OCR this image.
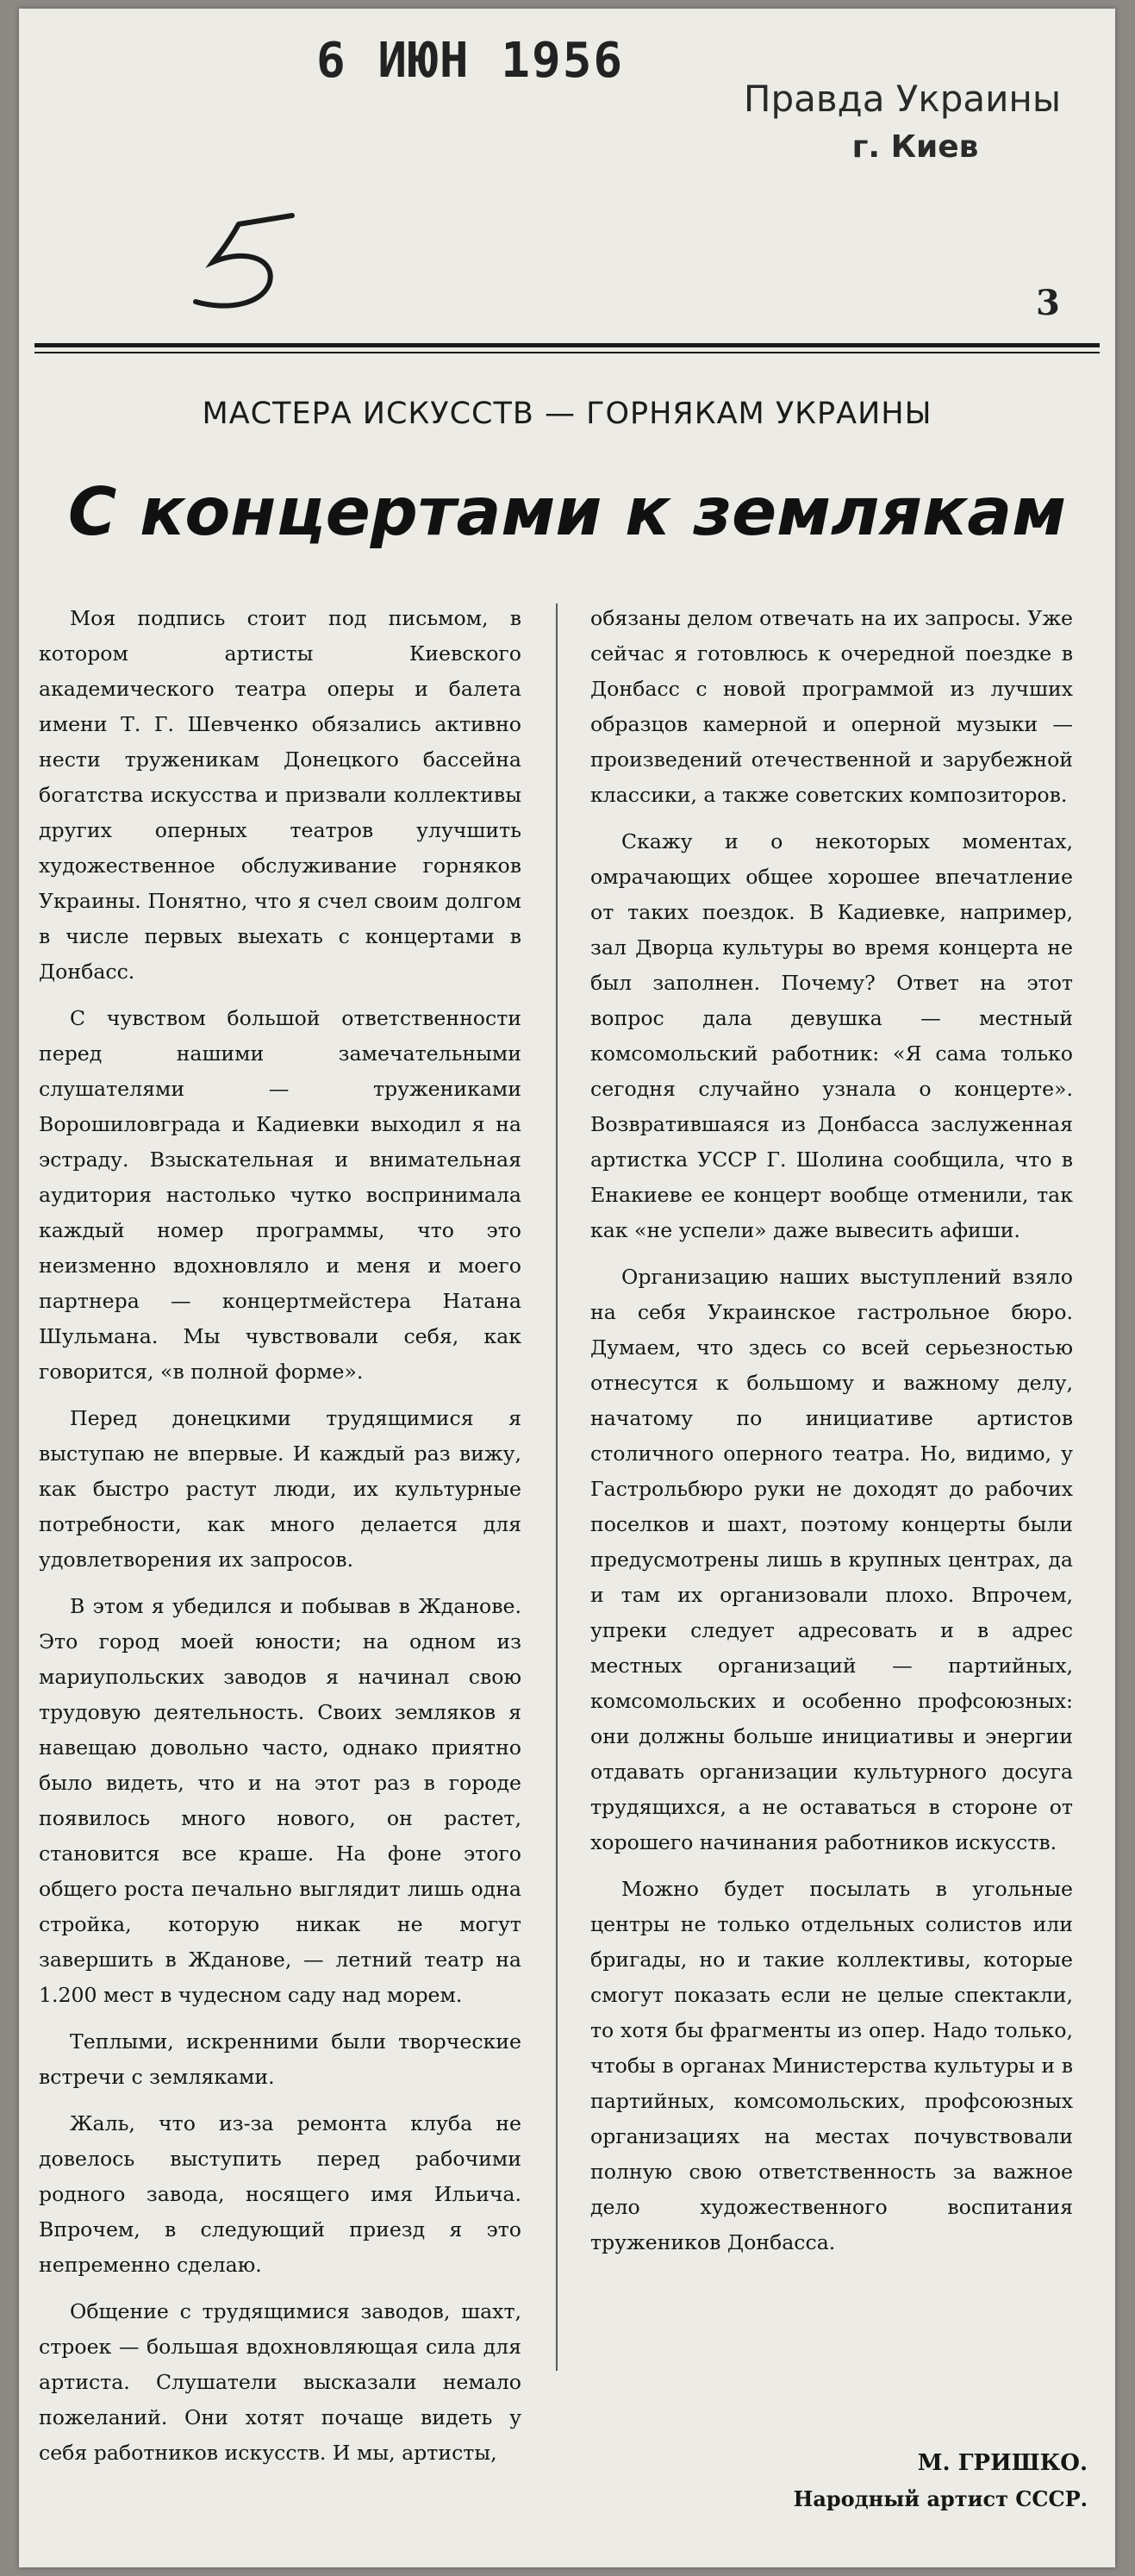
6 ИЮН 1956
Правда Украины
г. Киев
3
МАСТЕРА ИСКУССТВ — ГОРНЯКАМ УКРАИНЫ
С концертами к землякам

Моя подпись стоит под письмом, в котором артисты Киевского академического театра оперы и балета имени Т. Г. Шевченко обязались активно нести труженикам Донецкого бассейна богатства искусства и призвали коллективы других оперных театров улучшить художественное обслуживание горняков Украины. Понятно, что я счел своим долгом в числе первых выехать с концертами в Донбасс.

С чувством большой ответственности перед нашими замечательными слушателями — тружениками Ворошиловграда и Кадиевки выходил я на эстраду. Взыскательная и внимательная аудитория настолько чутко воспринимала каждый номер программы, что это неизменно вдохновляло и меня и моего партнера — концертмейстера Натана Шульмана. Мы чувствовали себя, как говорится, «в полной форме».

Перед донецкими трудящимися я выступаю не впервые. И каждый раз вижу, как быстро растут люди, их культурные потребности, как много делается для удовлетворения их запросов.

В этом я убедился и побывав в Жданове. Это город моей юности; на одном из мариупольских заводов я начинал свою трудовую деятельность. Своих земляков я навещаю довольно часто, однако приятно было видеть, что и на этот раз в городе появилось много нового, он растет, становится все краше. На фоне этого общего роста печально выглядит лишь одна стройка, которую никак не могут завершить в Жданове, — летний театр на 1.200 мест в чудесном саду над морем.

Теплыми, искренними были творческие встречи с земляками.

Жаль, что из-за ремонта клуба не довелось выступить перед рабочими родного завода, носящего имя Ильича. Впрочем, в следующий приезд я это непременно сделаю.

Общение с трудящимися заводов, шахт, строек — большая вдохновляющая сила для артиста. Слушатели высказали немало пожеланий. Они хотят почаще видеть у себя работников искусств. И мы, артисты,

обязаны делом отвечать на их запросы. Уже сейчас я готовлюсь к очередной поездке в Донбасс с новой программой из лучших образцов камерной и оперной музыки — произведений отечественной и зарубежной классики, а также советских композиторов.

Скажу и о некоторых моментах, омрачающих общее хорошее впечатление от таких поездок. В Кадиевке, например, зал Дворца культуры во время концерта не был заполнен. Почему? Ответ на этот вопрос дала девушка — местный комсомольский работник: «Я сама только сегодня случайно узнала о концерте». Возвратившаяся из Донбасса заслуженная артистка УССР Г. Шолина сообщила, что в Енакиеве ее концерт вообще отменили, так как «не успели» даже вывесить афиши.

Организацию наших выступлений взяло на себя Украинское гастрольное бюро. Думаем, что здесь со всей серьезностью отнесутся к большому и важному делу, начатому по инициативе артистов столичного оперного театра. Но, видимо, у Гастрольбюро руки не доходят до рабочих поселков и шахт, поэтому концерты были предусмотрены лишь в крупных центрах, да и там их организовали плохо. Впрочем, упреки следует адресовать и в адрес местных организаций — партийных, комсомольских и особенно профсоюзных: они должны больше инициативы и энергии отдавать организации культурного досуга трудящихся, а не оставаться в стороне от хорошего начинания работников искусств.

Можно будет посылать в угольные центры не только отдельных солистов или бригады, но и такие коллективы, которые смогут показать если не целые спектакли, то хотя бы фрагменты из опер. Надо только, чтобы в органах Министерства культуры и в партийных, комсомольских, профсоюзных организациях на местах почувствовали полную свою ответственность за важное дело художественного воспитания тружеников Донбасса.

М. ГРИШКО.
Народный артист СССР.
